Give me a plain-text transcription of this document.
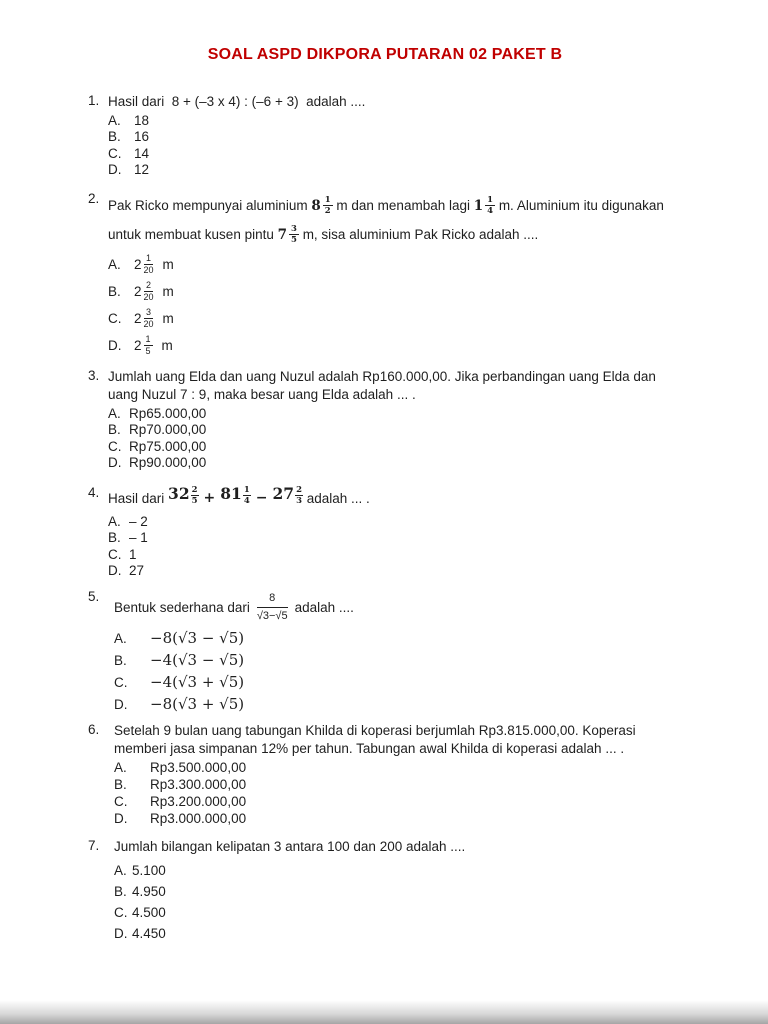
SOAL ASPD DIKPORA PUTARAN 02 PAKET B
1. Hasil dari  8 + (–3 x 4) : (–6 + 3)  adalah ....
A. 18
B. 16
C. 14
D. 12
2. Pak Ricko mempunyai aluminium $8 \frac{1}{2}$ m dan menambah lagi $1 \frac{1}{4} m$. Aluminium itu digunakan
untuk membuat kusen pintu $7 \frac{3}{5} m$, sisa aluminium Pak Ricko adalah ....
A. $2 \frac{1}{20}$ m
B. $2 \frac{2}{20}$ m
C. $2 \frac{3}{20}$ m
D. $2 \frac{1}{5}$ m
3. Jumlah uang Elda dan uang Nuzul adalah Rp160.000,00. Jika perbandingan uang Elda dan
uang Nuzul 7 : 9, maka besar uang Elda adalah ... .
A. Rp65.000,00
B. Rp70.000,00
C. Rp75.000,00
D. Rp90.000,00
4. Hasil dari $32 \frac{2}{5} + 81 \frac{1}{4} - 27 \frac{2}{3}$ adalah ... .
A. – 2
B. – 1
C. 1
D. 27
5.
Bentuk sederhana dari $\frac{8}{√3-√5}$ adalah ....
A.	−8(√3 − √5)
B.	−4(√3 − √5)
C.	−4(√3 + √5)
D.	−8(√3 + √5)
6.	Setelah 9 bulan uang tabungan Khilda di koperasi berjumlah Rp3.815.000,00. Koperasi
memberi jasa simpanan 12% per tahun. Tabungan awal Khilda di koperasi adalah ... .
A.	Rp3.500.000,00
B.	Rp3.300.000,00
C.	Rp3.200.000,00
D.	Rp3.000.000,00
7.	Jumlah bilangan kelipatan 3 antara 100 dan 200 adalah ....
A. 5.100
B. 4.950
C. 4.500
D. 4.450
